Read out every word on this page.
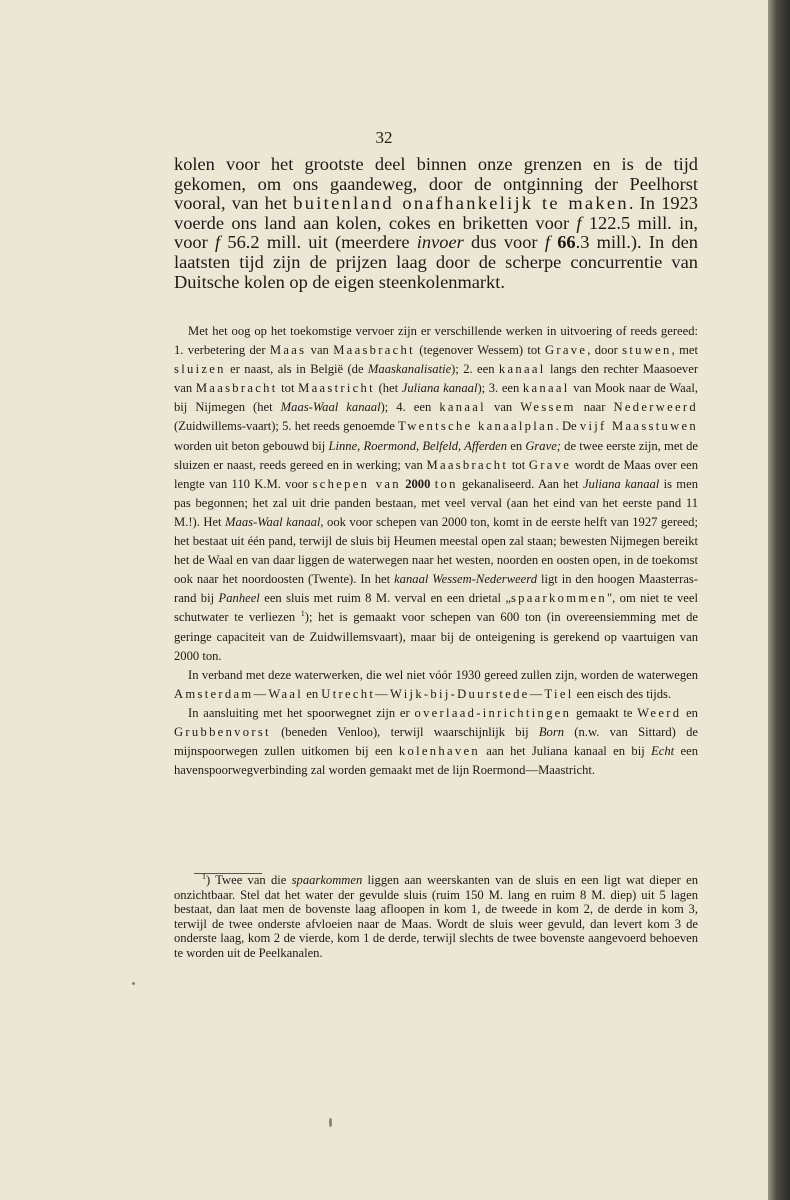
32

kolen voor het grootste deel binnen onze grenzen en is de tijd gekomen, om ons gaandeweg, door de ontginning der Peelhorst vooral, van het buitenland onafhankelijk te maken. In 1923 voerde ons land aan kolen, cokes en briketten voor f 122.5 mill. in, voor f 56.2 mill. uit (meerdere invoer dus voor f 66.3 mill.). In den laatsten tijd zijn de prijzen laag door de scherpe concurrentie van Duitsche kolen op de eigen steenkolenmarkt.

Met het oog op het toekomstige vervoer zijn er verschillende werken in uitvoering of reeds gereed: 1. verbetering der Maas van Maasbracht (tegenover Wessem) tot Grave, door stuwen, met sluizen er naast, als in België (de Maaskanalisatie); 2. een kanaal langs den rechter Maasoever van Maasbracht tot Maastricht (het Juliana kanaal); 3. een kanaal van Mook naar de Waal, bij Nijmegen (het Maas-Waal kanaal); 4. een kanaal van Wessem naar Nederweerd (Zuidwillems-vaart); 5. het reeds genoemde Twentsche kanaalplan. De vijf Maasstuwen worden uit beton gebouwd bij Linne, Roermond, Belfeld, Afferden en Grave; de twee eerste zijn, met de sluizen er naast, reeds gereed en in werking; van Maasbracht tot Grave wordt de Maas over een lengte van 110 K.M. voor schepen van 2000 ton gekanaliseerd. Aan het Juliana kanaal is men pas begonnen; het zal uit drie panden bestaan, met veel verval (aan het eind van het eerste pand 11 M.!). Het Maas-Waal kanaal, ook voor schepen van 2000 ton, komt in de eerste helft van 1927 gereed; het bestaat uit één pand, terwijl de sluis bij Heumen meestal open zal staan; bewesten Nijmegen bereikt het de Waal en van daar liggen de waterwegen naar het westen, noorden en oosten open, in de toekomst ook naar het noordoosten (Twente). In het kanaal Wessem-Nederweerd ligt in den hoogen Maasterras-rand bij Panheel een sluis met ruim 8 M. verval en een drietal „spaarkommen", om niet te veel schutwater te verliezen $^1$); het is gemaakt voor schepen van 600 ton (in overeensiemming met de geringe capaciteit van de Zuidwillemsvaart), maar bij de onteigening is gerekend op vaartuigen van 2000 ton.

In verband met deze waterwerken, die wel niet vóór 1930 gereed zullen zijn, worden de waterwegen Amsterdam—Waal en Utrecht—Wijk-bij-Duurstede—Tiel een eisch des tijds.

In aansluiting met het spoorwegnet zijn er overlaad-inrichtingen gemaakt te Weerd en Grubbenvorst (beneden Venloo), terwijl waarschijnlijk bij Born (n.w. van Sittard) de mijnspoorwegen zullen uitkomen bij een kolenhaven aan het Juliana kanaal en bij Echt een havenspoorwegverbinding zal worden gemaakt met de lijn Roermond—Maastricht.

$^1$) Twee van die spaarkommen liggen aan weerskanten van de sluis en een ligt wat dieper en onzichtbaar. Stel dat het water der gevulde sluis (ruim 150 M. lang en ruim 8 M. diep) uit 5 lagen bestaat, dan laat men de bovenste laag afloopen in kom 1, de tweede in kom 2, de derde in kom 3, terwijl de twee onderste afvloeien naar de Maas. Wordt de sluis weer gevuld, dan levert kom 3 de onderste laag, kom 2 de vierde, kom 1 de derde, terwijl slechts de twee bovenste aangevoerd behoeven te worden uit de Peelkanalen.
